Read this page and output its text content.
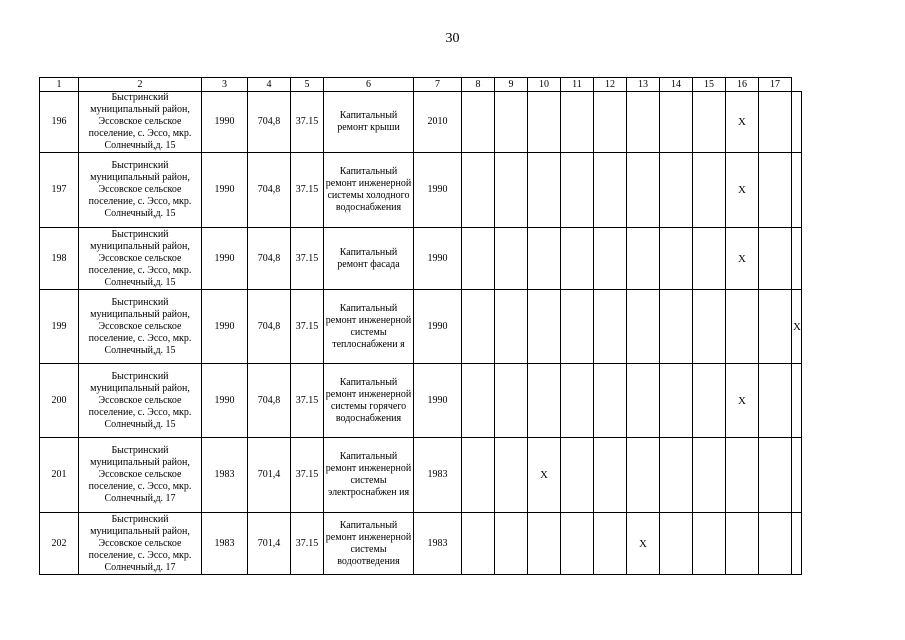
30
1	2	3	4	5	6	7	8	9	10	11	12	13	14	15	16	17	
196	Быстринский муниципальный район, Эссовское сельское поселение, с. Эссо, мкр. Солнечный,д. 15	1990	704,8	37.15	Капитальный ремонт крыши	2010									X		
197	Быстринский муниципальный район, Эссовское сельское поселение, с. Эссо, мкр. Солнечный,д. 15	1990	704,8	37.15	Капитальный ремонт инженерной системы холодного водоснабжения	1990									X		
198	Быстринский муниципальный район, Эссовское сельское поселение, с. Эссо, мкр. Солнечный,д. 15	1990	704,8	37.15	Капитальный ремонт фасада	1990									X		
199	Быстринский муниципальный район, Эссовское сельское поселение, с. Эссо, мкр. Солнечный,д. 15	1990	704,8	37.15	Капитальный ремонт инженерной системы теплоснабжени я	1990											X
200	Быстринский муниципальный район, Эссовское сельское поселение, с. Эссо, мкр. Солнечный,д. 15	1990	704,8	37.15	Капитальный ремонт инженерной системы горячего водоснабжения	1990									X		
201	Быстринский муниципальный район, Эссовское сельское поселение, с. Эссо, мкр. Солнечный,д. 17	1983	701,4	37.15	Капитальный ремонт инженерной системы электроснабжен ия	1983			X								
202	Быстринский муниципальный район, Эссовское сельское поселение, с. Эссо, мкр. Солнечный,д. 17	1983	701,4	37.15	Капитальный ремонт инженерной системы водоотведения	1983						X					
